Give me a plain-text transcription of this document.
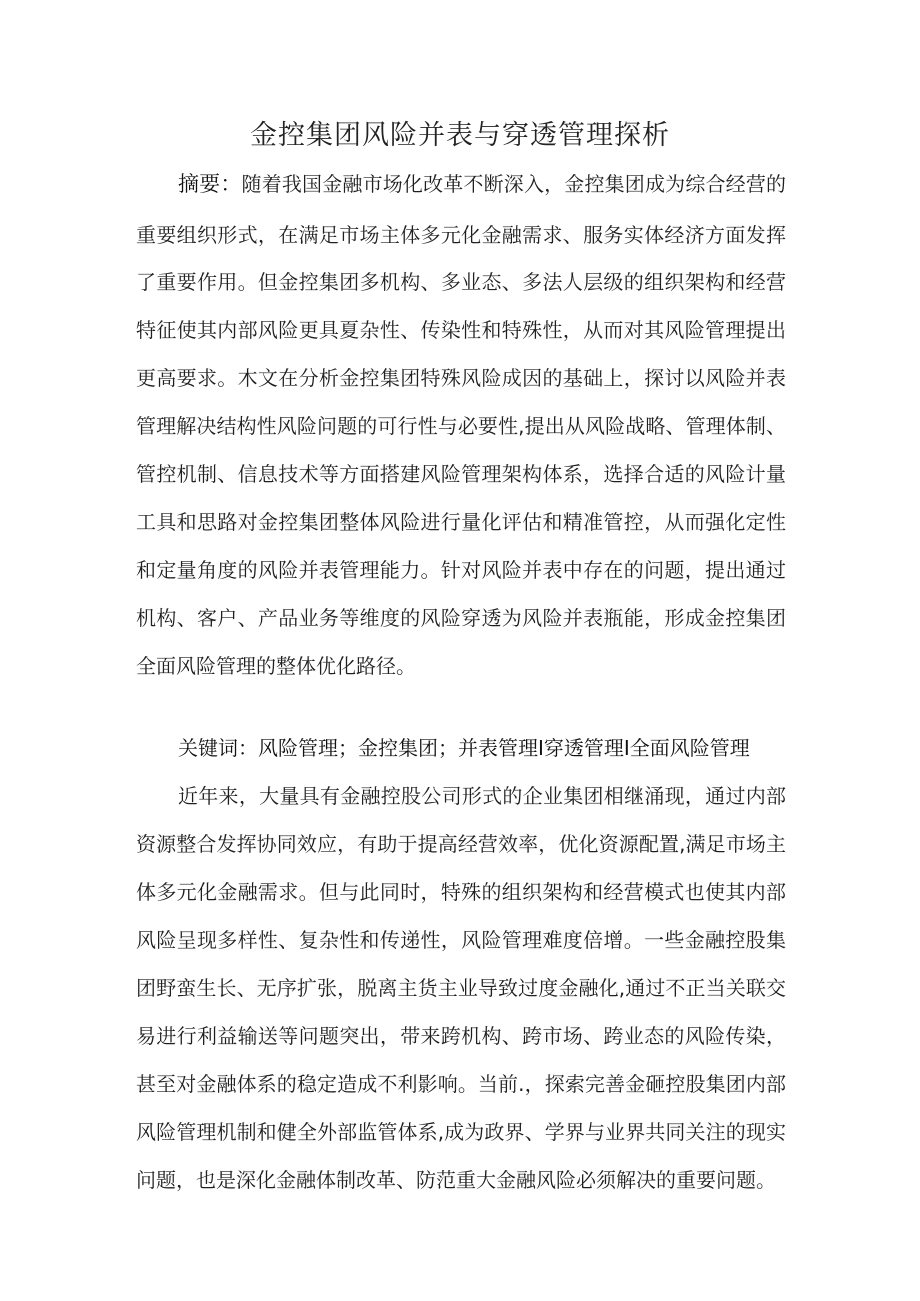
金控集团风险并表与穿透管理探析
摘要：随着我国金融市场化改革不断深入，金控集团成为综合经营的
重要组织形式，在满足市场主体多元化金融需求、服务实体经济方面发挥
了重要作用。但金控集团多机构、多业态、多法人层级的组织架构和经营
特征使其内部风险更具夏杂性、传染性和特殊性，从而对其风险管理提出
更高要求。木文在分析金控集团特殊风险成因的基础上，探讨以风险并表
管理解决结构性风险问题的可行性与必要性,提出从风险战略、管理体制、
管控机制、信息技术等方面搭建风险管理架构体系，选择合适的风险计量
工具和思路对金控集团整体风险进行量化评估和精准管控，从而强化定性
和定量角度的风险并表管理能力。针对风险并表中存在的问题，提出通过
机构、客户、产品业务等维度的风险穿透为风险并表瓶能，形成金控集团
全面风险管理的整体优化路径。
关键词：风险管理；金控集团；并表管理I穿透管理I全面风险管理
近年来，大量具有金融控股公司形式的企业集团相继涌现，通过内部
资源整合发挥协同效应，有助于提高经营效率，优化资源配置,满足市场主
体多元化金融需求。但与此同时，特殊的组织架构和经营模式也使其内部
风险呈现多样性、复杂性和传递性，风险管理难度倍增。一些金融控股集
团野蛮生长、无序扩张，脱离主货主业导致过度金融化,通过不正当关联交
易进行利益输送等问题突出，带来跨机构、跨市场、跨业态的风险传染，
甚至对金融体系的稳定造成不利影响。当前.，探索完善金砸控股集团内部
风险管理机制和健全外部监管体系,成为政界、学界与业界共同关注的现实
问题，也是深化金融体制改革、防范重大金融风险必须解决的重要问题。
